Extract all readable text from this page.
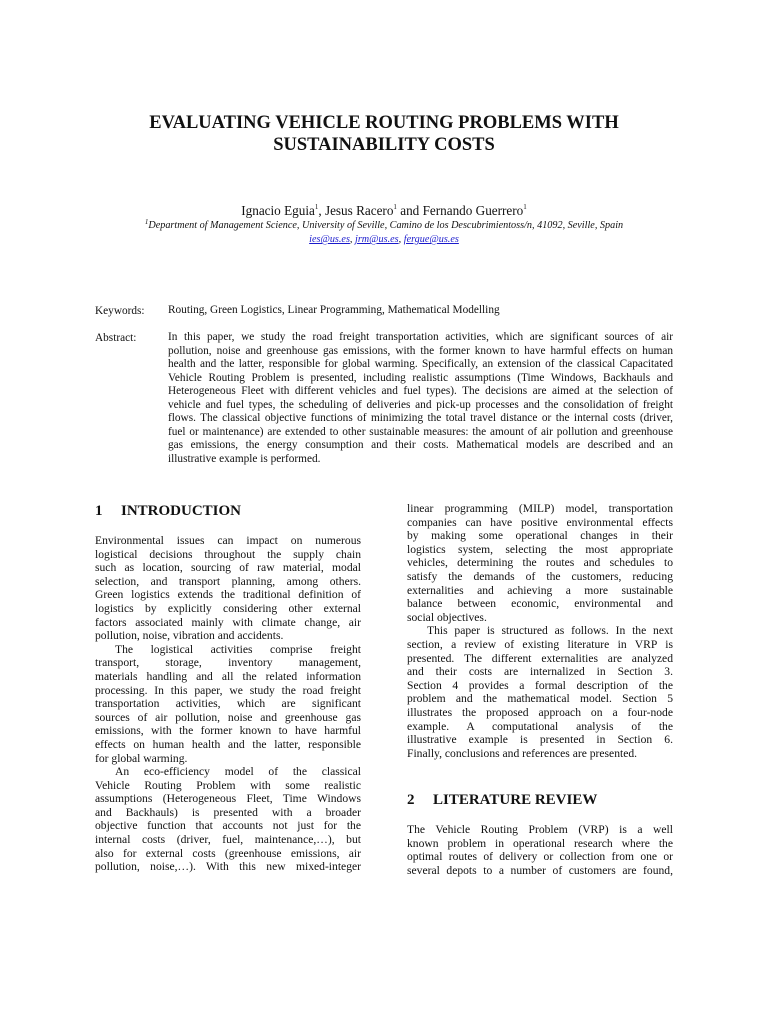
EVALUATING VEHICLE ROUTING PROBLEMS WITH
SUSTAINABILITY COSTS
Ignacio Eguia$^1$, Jesus Racero$^1$ and Fernando Guerrero$^1$
$^1$Department of Management Science, University of Seville, Camino de los Descubrimientoss/n, 41092, Seville, Spain
ies@us.es, jrm@us.es, fergue@us.es
Keywords: Routing, Green Logistics, Linear Programming, Mathematical Modelling
Abstract:	In this paper, we study the road freight transportation activities, which are significant sources of air
pollution, noise and greenhouse gas emissions, with the former known to have harmful effects on human
health and the latter, responsible for global warming. Specifically, an extension of the classical Capacitated
Vehicle Routing Problem is presented, including realistic assumptions (Time Windows, Backhauls and
Heterogeneous Fleet with different vehicles and fuel types). The decisions are aimed at the selection of
vehicle and fuel types, the scheduling of deliveries and pick-up processes and the consolidation of freight
flows. The classical objective functions of minimizing the total travel distance or the internal costs (driver,
fuel or maintenance) are extended to other sustainable measures: the amount of air pollution and greenhouse
gas emissions, the energy consumption and their costs. Mathematical models are described and an
illustrative example is performed.
1 INTRODUCTION
Environmental issues can impact on numerous
logistical decisions throughout the supply chain
such as location, sourcing of raw material, modal
selection, and transport planning, among others.
Green logistics extends the traditional definition of
logistics by explicitly considering other external
factors associated mainly with climate change, air
pollution, noise, vibration and accidents.
The logistical activities comprise freight
transport, storage, inventory management,
materials handling and all the related information
processing. In this paper, we study the road freight
transportation activities, which are significant
sources of air pollution, noise and greenhouse gas
emissions, with the former known to have harmful
effects on human health and the latter, responsible
for global warming.
An eco-efficiency model of the classical
Vehicle Routing Problem with some realistic
assumptions (Heterogeneous Fleet, Time Windows
and Backhauls) is presented with a broader
objective function that accounts not just for the
internal costs (driver, fuel, maintenance,…), but
also for external costs (greenhouse emissions, air
pollution, noise,…). With this new mixed-integer
linear programming (MILP) model, transportation
companies can have positive environmental effects
by making some operational changes in their
logistics system, selecting the most appropriate
vehicles, determining the routes and schedules to
satisfy the demands of the customers, reducing
externalities and achieving a more sustainable
balance between economic, environmental and
social objectives.
This paper is structured as follows. In the next
section, a review of existing literature in VRP is
presented. The different externalities are analyzed
and their costs are internalized in Section 3.
Section 4 provides a formal description of the
problem and the mathematical model. Section 5
illustrates the proposed approach on a four-node
example. A computational analysis of the
illustrative example is presented in Section 6.
Finally, conclusions and references are presented.
2 LITERATURE REVIEW
The Vehicle Routing Problem (VRP) is a well
known problem in operational research where the
optimal routes of delivery or collection from one or
several depots to a number of customers are found,
